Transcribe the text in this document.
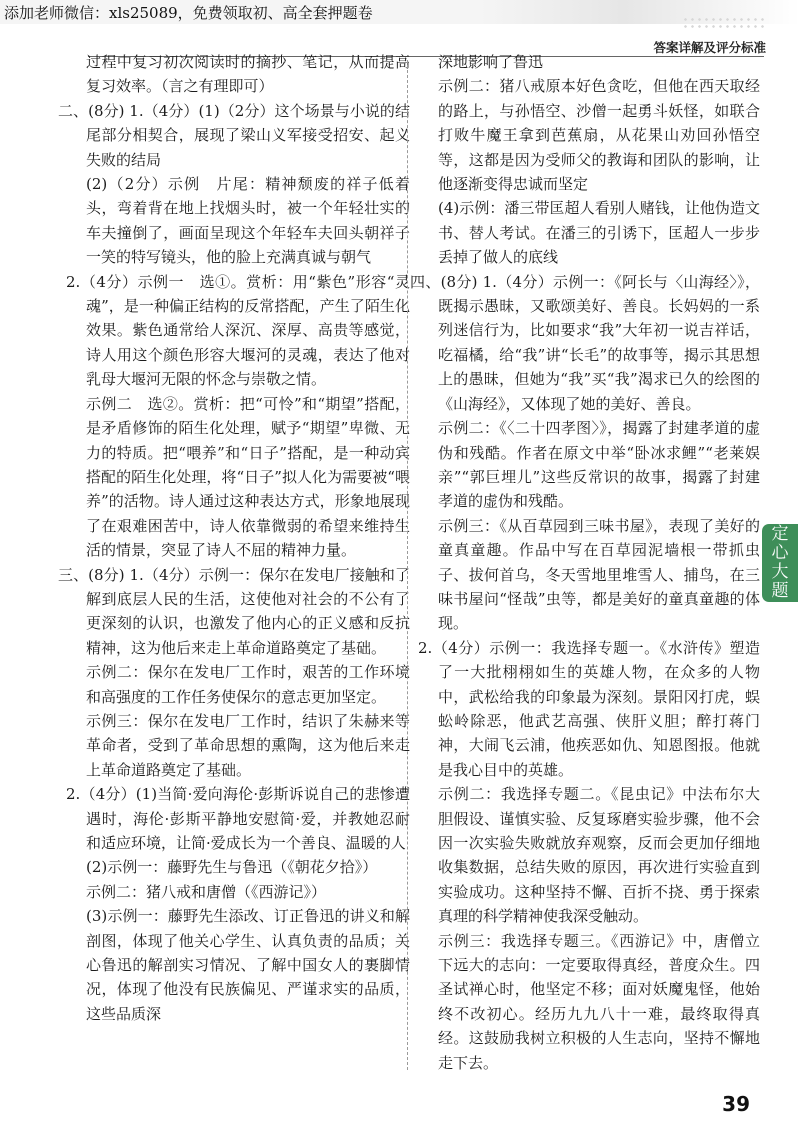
添加老师微信：xls25089，免费领取初、高全套押题卷
答案详解及评分标准

过程中复习初次阅读时的摘抄、笔记，从而提高复习效率。（言之有理即可）

二、(8分) 1.（4分）(1)（2分）这个场景与小说的结尾部分相契合，展现了梁山义军接受招安、起义失败的结局

(2)（2分）示例　片尾：精神颓废的祥子低着头，弯着背在地上找烟头时，被一个年轻壮实的车夫撞倒了，画面呈现这个年轻车夫回头朝祥子一笑的特写镜头，他的脸上充满真诚与朝气

2.（4分）示例一　选①。赏析：用“紫色”形容“灵魂”，是一种偏正结构的反常搭配，产生了陌生化效果。紫色通常给人深沉、深厚、高贵等感觉，诗人用这个颜色形容大堰河的灵魂，表达了他对乳母大堰河无限的怀念与崇敬之情。

示例二　选②。赏析：把“可怜”和“期望”搭配，是矛盾修饰的陌生化处理，赋予“期望”卑微、无力的特质。把“喂养”和“日子”搭配，是一种动宾搭配的陌生化处理，将“日子”拟人化为需要被“喂养”的活物。诗人通过这种表达方式，形象地展现了在艰难困苦中，诗人依靠微弱的希望来维持生活的情景，突显了诗人不屈的精神力量。

三、(8分) 1.（4分）示例一：保尔在发电厂接触和了解到底层人民的生活，这使他对社会的不公有了更深刻的认识，也激发了他内心的正义感和反抗精神，这为他后来走上革命道路奠定了基础。

示例二：保尔在发电厂工作时，艰苦的工作环境和高强度的工作任务使保尔的意志更加坚定。

示例三：保尔在发电厂工作时，结识了朱赫来等革命者，受到了革命思想的熏陶，这为他后来走上革命道路奠定了基础。

2.（4分）(1)当简·爱向海伦·彭斯诉说自己的悲惨遭遇时，海伦·彭斯平静地安慰简·爱，并教她忍耐和适应环境，让简·爱成长为一个善良、温暖的人

(2)示例一：藤野先生与鲁迅（《朝花夕拾》）

示例二：猪八戒和唐僧（《西游记》）

(3)示例一：藤野先生添改、订正鲁迅的讲义和解剖图，体现了他关心学生、认真负责的品质；关心鲁迅的解剖实习情况、了解中国女人的裹脚情况，体现了他没有民族偏见、严谨求实的品质，这些品质深

深地影响了鲁迅

示例二：猪八戒原本好色贪吃，但他在西天取经的路上，与孙悟空、沙僧一起勇斗妖怪，如联合打败牛魔王拿到芭蕉扇，从花果山劝回孙悟空等，这都是因为受师父的教诲和团队的影响，让他逐渐变得忠诚而坚定

(4)示例：潘三带匡超人看别人赌钱，让他伪造文书、替人考试。在潘三的引诱下，匡超人一步步丢掉了做人的底线

四、(8分) 1.（4分）示例一：《阿长与〈山海经〉》，既揭示愚昧，又歌颂美好、善良。长妈妈的一系列迷信行为，比如要求“我”大年初一说吉祥话，吃福橘，给“我”讲“长毛”的故事等，揭示其思想上的愚昧，但她为“我”买“我”渴求已久的绘图的《山海经》，又体现了她的美好、善良。

示例二：《〈二十四孝图〉》，揭露了封建孝道的虚伪和残酷。作者在原文中举“卧冰求鲤”“老莱娱亲”“郭巨埋儿”这些反常识的故事，揭露了封建孝道的虚伪和残酷。

示例三：《从百草园到三味书屋》，表现了美好的童真童趣。作品中写在百草园泥墙根一带抓虫子、拔何首乌，冬天雪地里堆雪人、捕鸟，在三味书屋问“怪哉”虫等，都是美好的童真童趣的体现。

2.（4分）示例一：我选择专题一。《水浒传》塑造了一大批栩栩如生的英雄人物，在众多的人物中，武松给我的印象最为深刻。景阳冈打虎，蜈蚣岭除恶，他武艺高强、侠肝义胆；醉打蒋门神，大闹飞云浦，他疾恶如仇、知恩图报。他就是我心目中的英雄。

示例二：我选择专题二。《昆虫记》中法布尔大胆假设、谨慎实验、反复琢磨实验步骤，他不会因一次实验失败就放弃观察，反而会更加仔细地收集数据，总结失败的原因，再次进行实验直到实验成功。这种坚持不懈、百折不挠、勇于探索真理的科学精神使我深受触动。

示例三：我选择专题三。《西游记》中，唐僧立下远大的志向：一定要取得真经，普度众生。四圣试禅心时，他坚定不移；面对妖魔鬼怪，他始终不改初心。经历九九八十一难，最终取得真经。这鼓励我树立积极的人生志向，坚持不懈地走下去。

定心大题
39
